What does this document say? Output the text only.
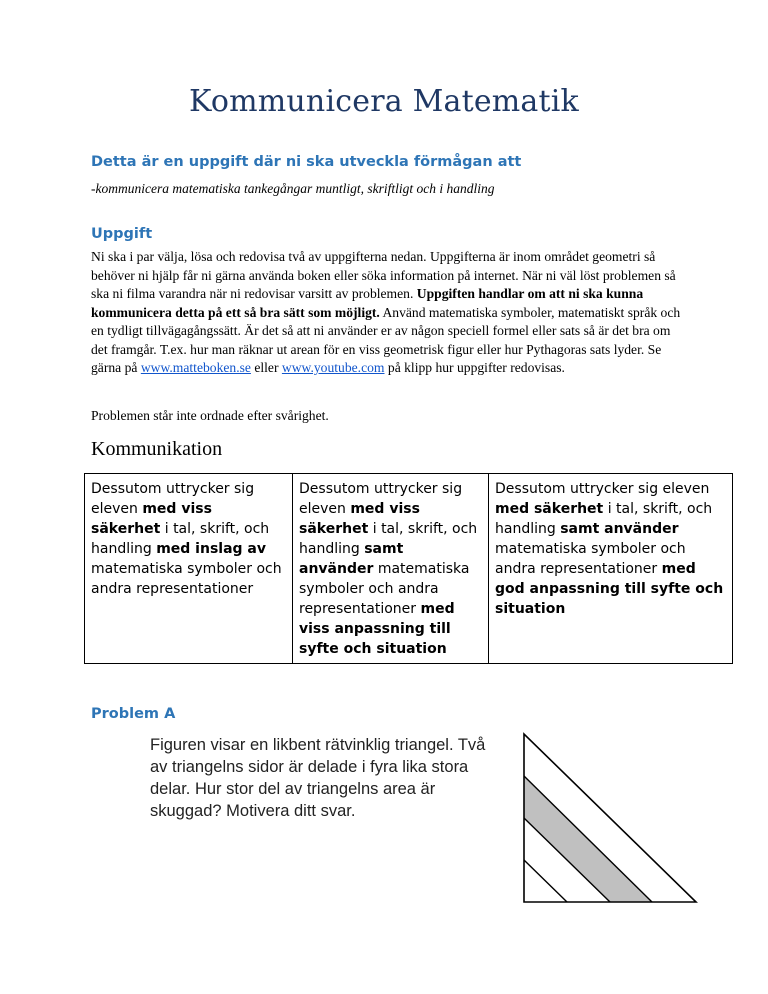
Kommunicera Matematik
Detta är en uppgift där ni ska utveckla förmågan att
-kommunicera matematiska tankegångar muntligt, skriftligt och i handling
Uppgift
Ni ska i par välja, lösa och redovisa två av uppgifterna nedan. Uppgifterna är inom området geometri så behöver ni hjälp får ni gärna använda boken eller söka information på internet. När ni väl löst problemen så ska ni filma varandra när ni redovisar varsitt av problemen. Uppgiften handlar om att ni ska kunna kommunicera detta på ett så bra sätt som möjligt. Använd matematiska symboler, matematiskt språk och en tydligt tillvägagångssätt. Är det så att ni använder er av någon speciell formel eller sats så är det bra om det framgår. T.ex. hur man räknar ut arean för en viss geometrisk figur eller hur Pythagoras sats lyder. Se gärna på www.matteboken.se eller www.youtube.com på klipp hur uppgifter redovisas.
Problemen står inte ordnade efter svårighet.
Kommunikation
Dessutom uttrycker sig eleven med viss säkerhet i tal, skrift, och handling med inslag av matematiska symboler och andra representationer	Dessutom uttrycker sig eleven med viss säkerhet i tal, skrift, och handling samt använder matematiska symboler och andra representationer med viss anpassning till syfte och situation	Dessutom uttrycker sig eleven med säkerhet i tal, skrift, och handling samt använder matematiska symboler och andra representationer med god anpassning till syfte och situation
Problem A
Figuren visar en likbent rätvinklig triangel. Två av triangelns sidor är delade i fyra lika stora delar. Hur stor del av triangelns area är skuggad? Motivera ditt svar.
